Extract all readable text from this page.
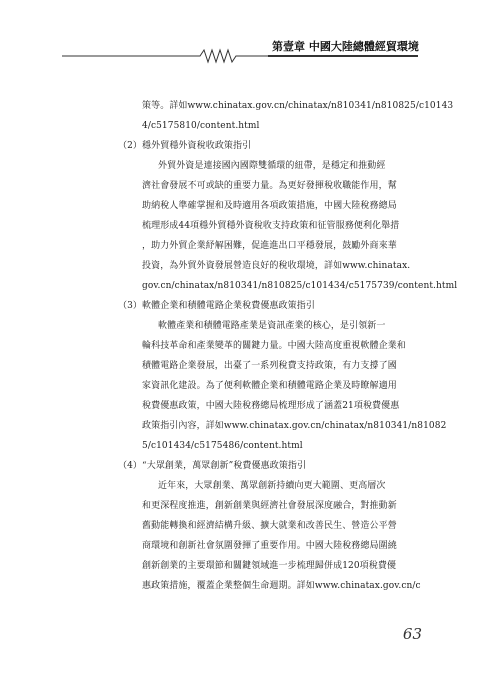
第壹章 中國大陸總體經貿環境
策等。詳如www.chinatax.gov.cn/chinatax/n810341/n810825/c10143
4/c5175810/content.html
（2）穩外貿穩外資稅收政策指引
外貿外資是連接國內國際雙循環的紐帶，是穩定和推動經
濟社會發展不可或缺的重要力量。為更好發揮稅收職能作用，幫
助納稅人準確掌握和及時適用各項政策措施，中國大陸稅務總局
梳理形成44項穩外貿穩外資稅收支持政策和征管服務便利化舉措
，助力外貿企業紓解困難，促進進出口平穩發展，鼓勵外商來華
投資，為外貿外資發展營造良好的稅收環境，詳如www.chinatax.
gov.cn/chinatax/n810341/n810825/c101434/c5175739/content.html
（3）軟體企業和積體電路企業稅費優惠政策指引
軟體產業和積體電路產業是資訊產業的核心，是引領新一
輪科技革命和產業變革的關鍵力量。中國大陸高度重視軟體企業和
積體電路企業發展，出臺了一系列稅費支持政策，有力支撐了國
家資訊化建設。為了便利軟體企業和積體電路企業及時瞭解適用
稅費優惠政策，中國大陸稅務總局梳理形成了涵蓋21項稅費優惠
政策指引內容，詳如www.chinatax.gov.cn/chinatax/n810341/n81082
5/c101434/c5175486/content.html
（4）“大眾創業，萬眾創新”稅費優惠政策指引
近年來，大眾創業、萬眾創新持續向更大範圍、更高層次
和更深程度推進，創新創業與經濟社會發展深度融合，對推動新
舊動能轉換和經濟結構升級、擴大就業和改善民生、營造公平營
商環境和創新社會氛圍發揮了重要作用。中國大陸稅務總局圍繞
創新創業的主要環節和關鍵領域進一步梳理歸併成120項稅費優
惠政策措施，覆蓋企業整個生命週期。詳如www.chinatax.gov.cn/c
63
